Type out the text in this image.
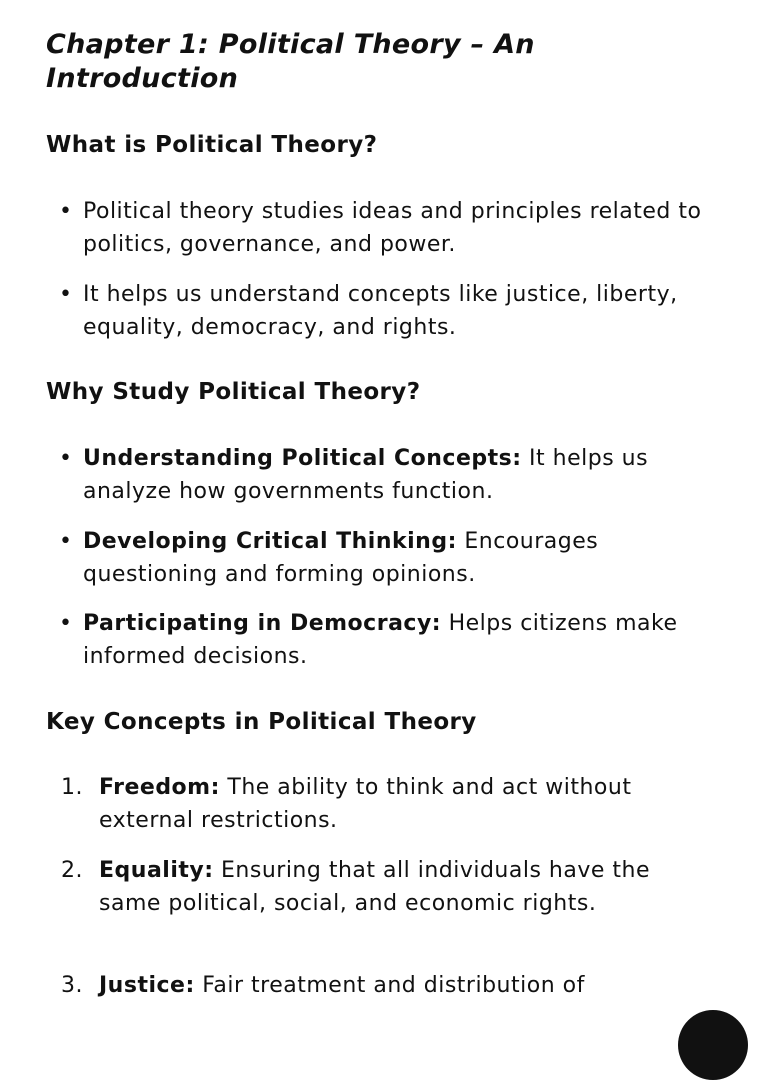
Chapter 1: Political Theory – An Introduction
What is Political Theory?
• Political theory studies ideas and principles related to politics, governance, and power.
• It helps us understand concepts like justice, liberty, equality, democracy, and rights.
Why Study Political Theory?
• Understanding Political Concepts: It helps us analyze how governments function.
• Developing Critical Thinking: Encourages questioning and forming opinions.
• Participating in Democracy: Helps citizens make informed decisions.
Key Concepts in Political Theory
1. Freedom: The ability to think and act without external restrictions.
2. Equality: Ensuring that all individuals have the same political, social, and economic rights.
3. Justice: Fair treatment and distribution of
